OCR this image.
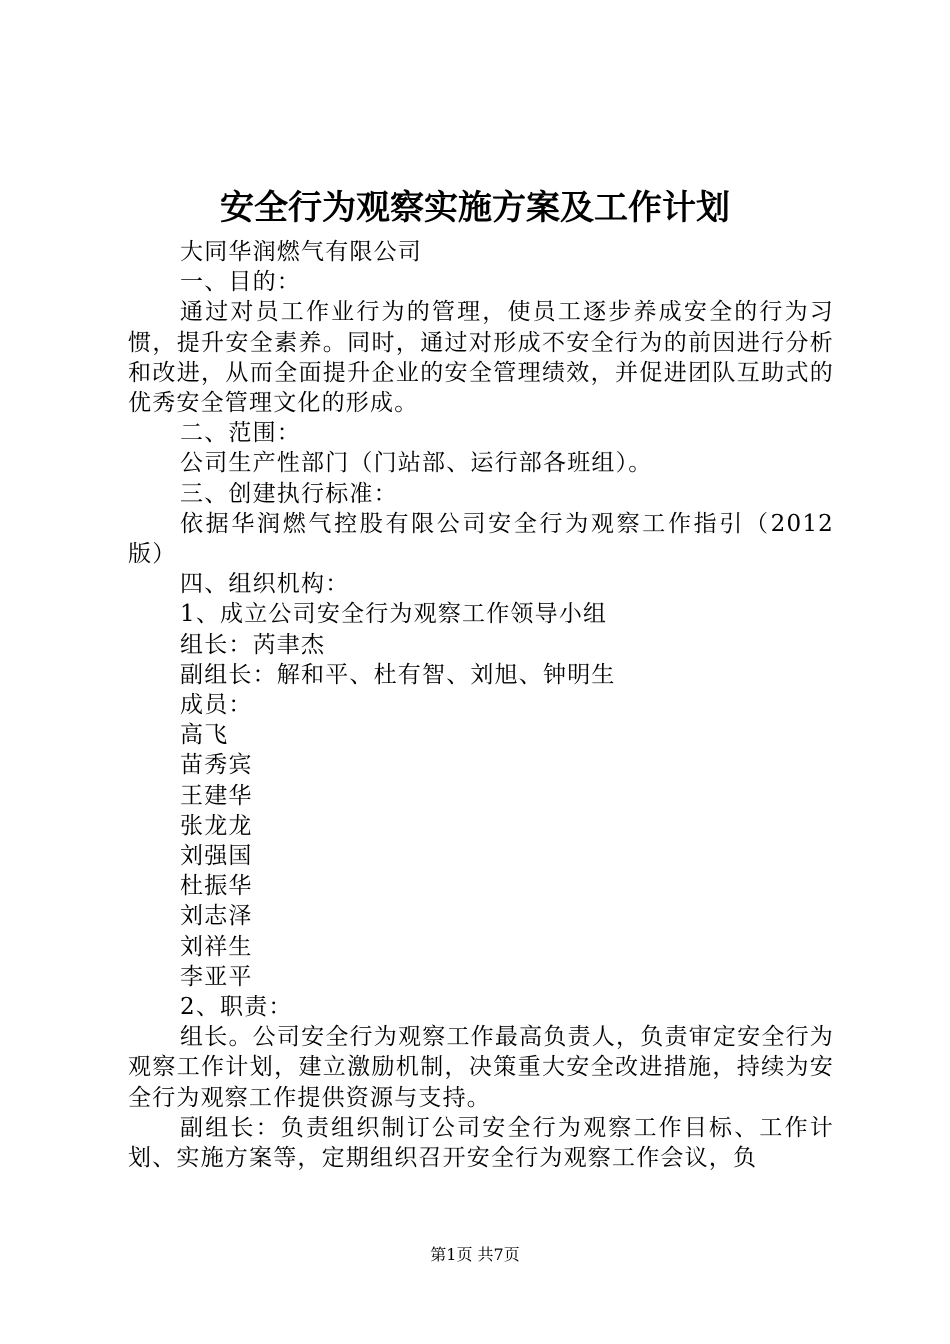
安全行为观察实施方案及工作计划
大同华润燃气有限公司
一、目的：
通过对员工作业行为的管理，使员工逐步养成安全的行为习惯，提升安全素养。同时，通过对形成不安全行为的前因进行分析和改进，从而全面提升企业的安全管理绩效，并促进团队互助式的优秀安全管理文化的形成。
二、范围：
公司生产性部门（门站部、运行部各班组）。
三、创建执行标准：
依据华润燃气控股有限公司安全行为观察工作指引（2012版）
四、组织机构：
1、成立公司安全行为观察工作领导小组
组长：芮聿杰
副组长：解和平、杜有智、刘旭、钟明生
成员：
高飞
苗秀宾
王建华
张龙龙
刘强国
杜振华
刘志泽
刘祥生
李亚平
2、职责：
组长。公司安全行为观察工作最高负责人，负责审定安全行为观察工作计划，建立激励机制，决策重大安全改进措施，持续为安全行为观察工作提供资源与支持。
副组长：负责组织制订公司安全行为观察工作目标、工作计划、实施方案等，定期组织召开安全行为观察工作会议，负
第1页 共7页
